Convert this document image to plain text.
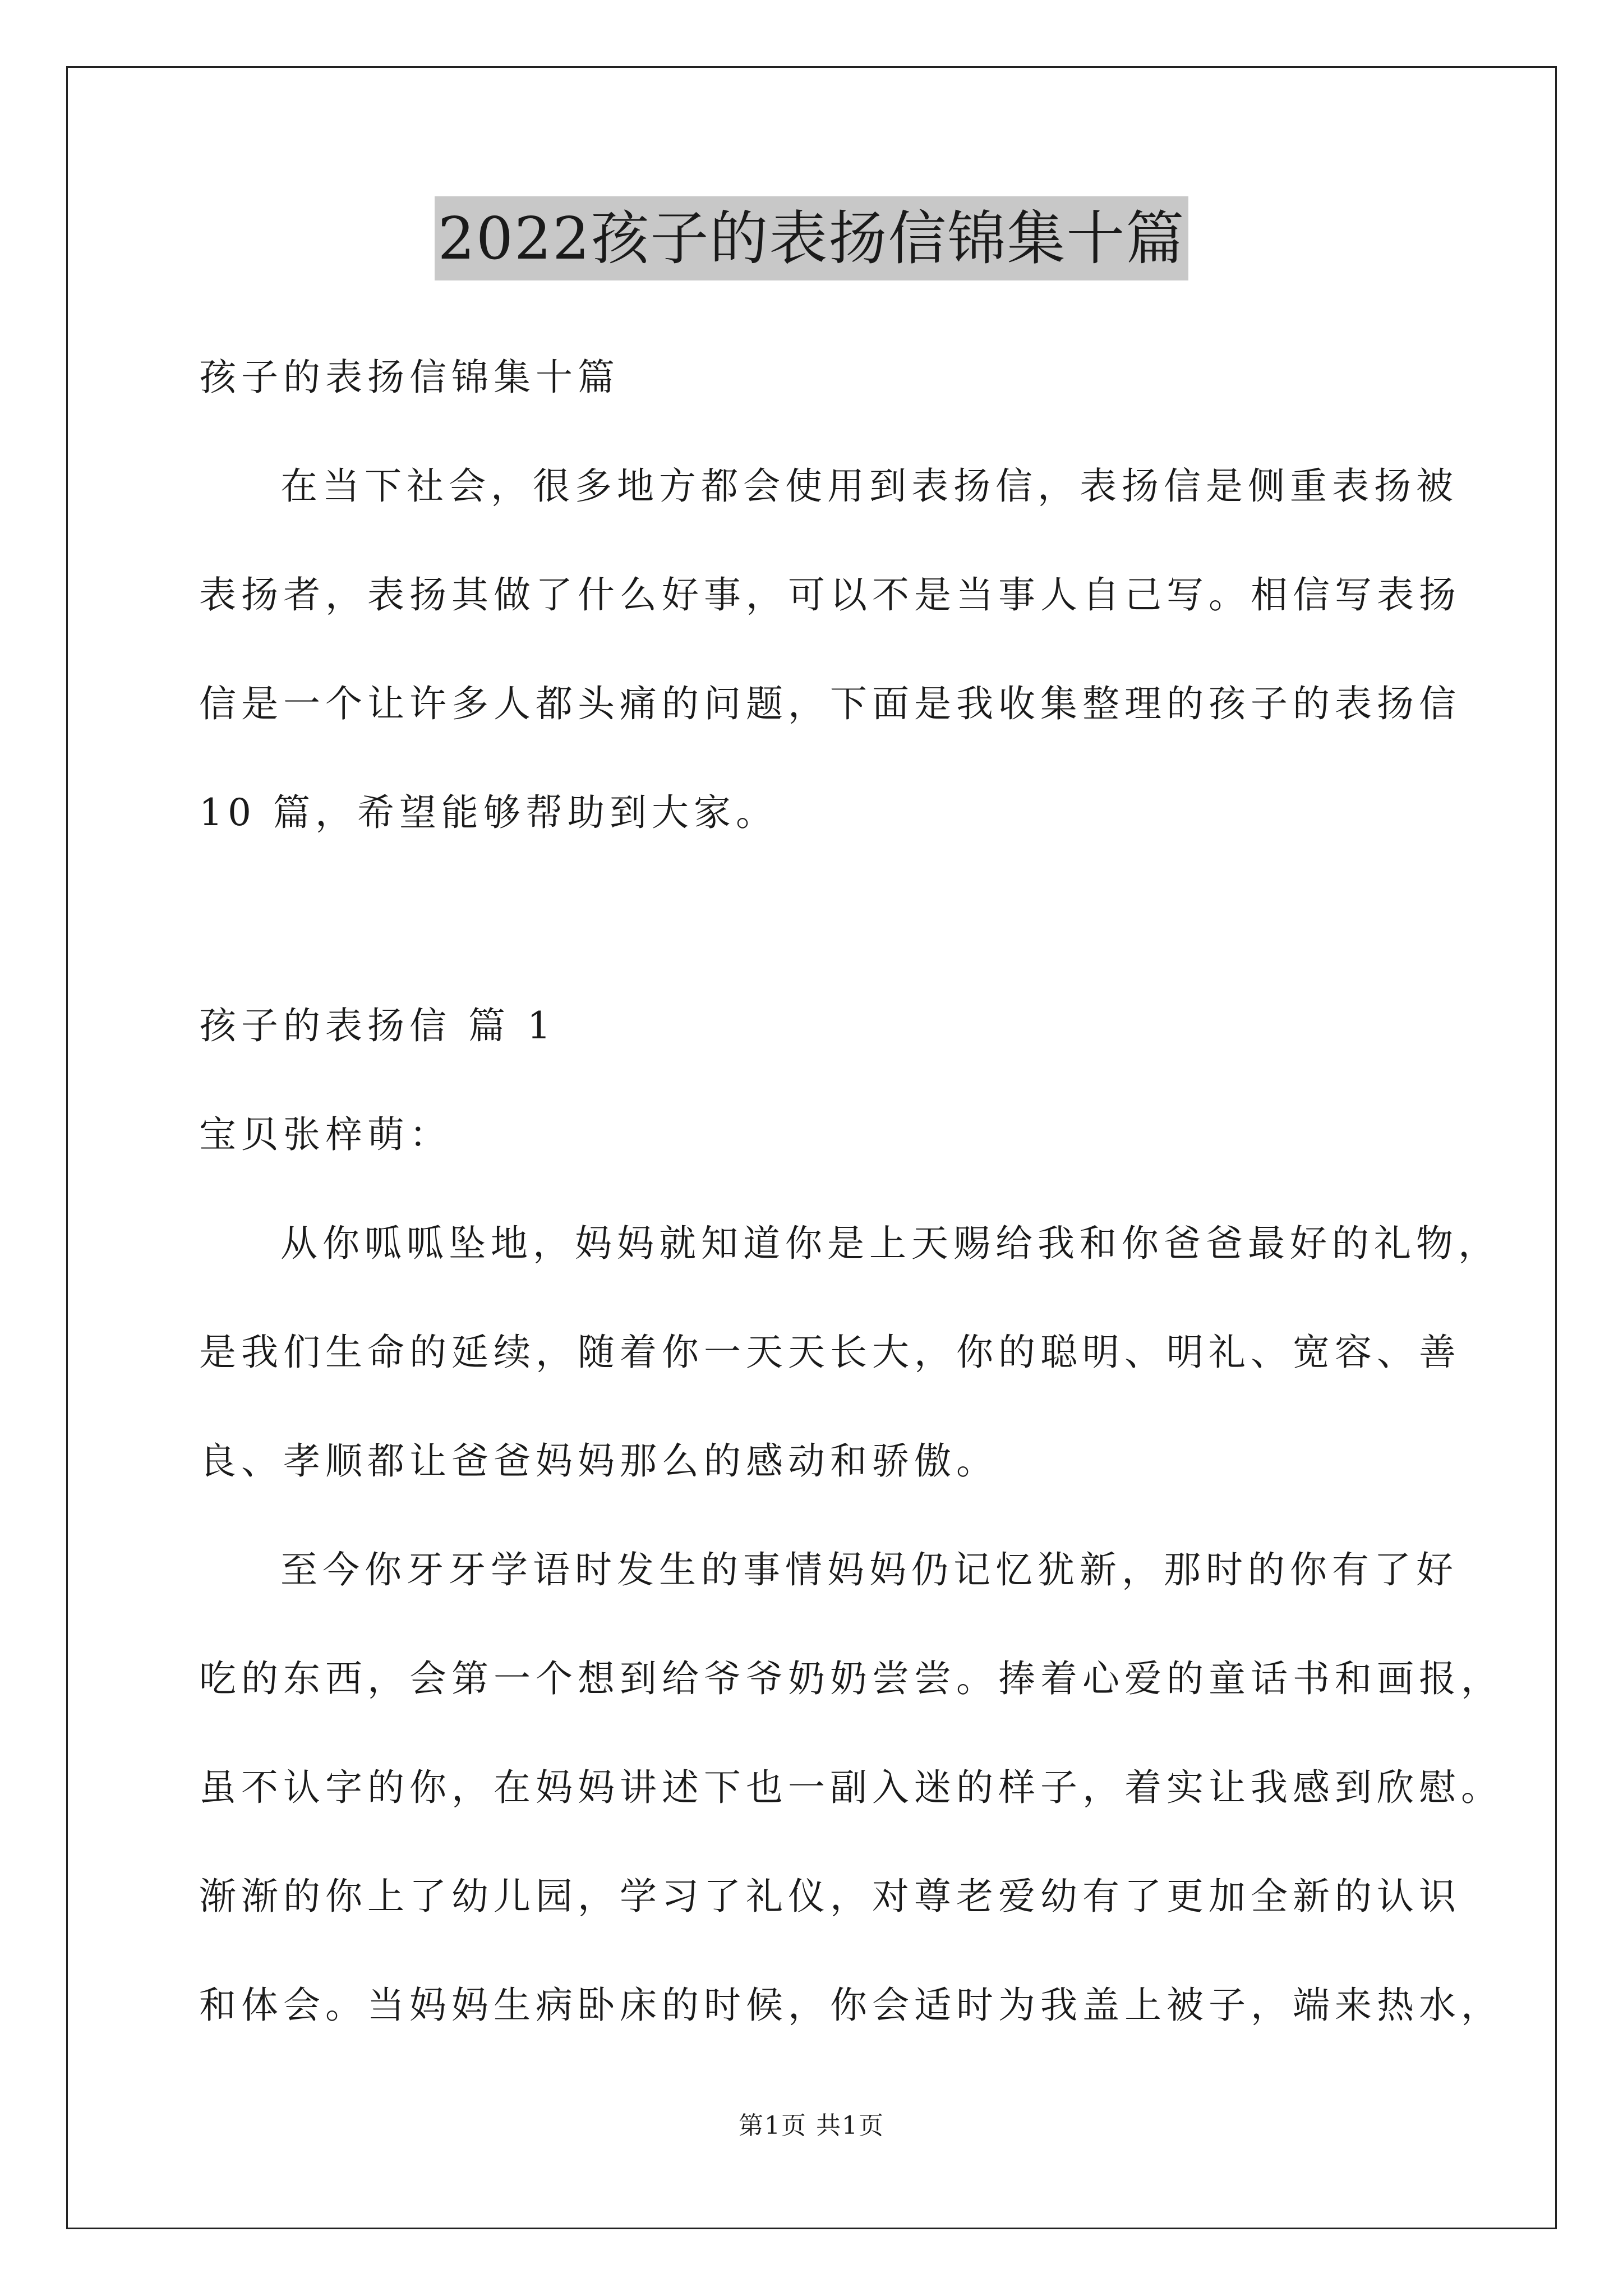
2022孩子的表扬信锦集十篇
孩子的表扬信锦集十篇
在当下社会，很多地方都会使用到表扬信，表扬信是侧重表扬被
表扬者，表扬其做了什么好事，可以不是当事人自己写。相信写表扬
信是一个让许多人都头痛的问题，下面是我收集整理的孩子的表扬信
10 篇，希望能够帮助到大家。
孩子的表扬信 篇 1
宝贝张梓萌：
从你呱呱坠地，妈妈就知道你是上天赐给我和你爸爸最好的礼物，
是我们生命的延续，随着你一天天长大，你的聪明、明礼、宽容、善
良、孝顺都让爸爸妈妈那么的感动和骄傲。
至今你牙牙学语时发生的事情妈妈仍记忆犹新，那时的你有了好
吃的东西，会第一个想到给爷爷奶奶尝尝。捧着心爱的童话书和画报，
虽不认字的你，在妈妈讲述下也一副入迷的样子，着实让我感到欣慰。
渐渐的你上了幼儿园，学习了礼仪，对尊老爱幼有了更加全新的认识
和体会。当妈妈生病卧床的时候，你会适时为我盖上被子，端来热水，
第1页 共1页
